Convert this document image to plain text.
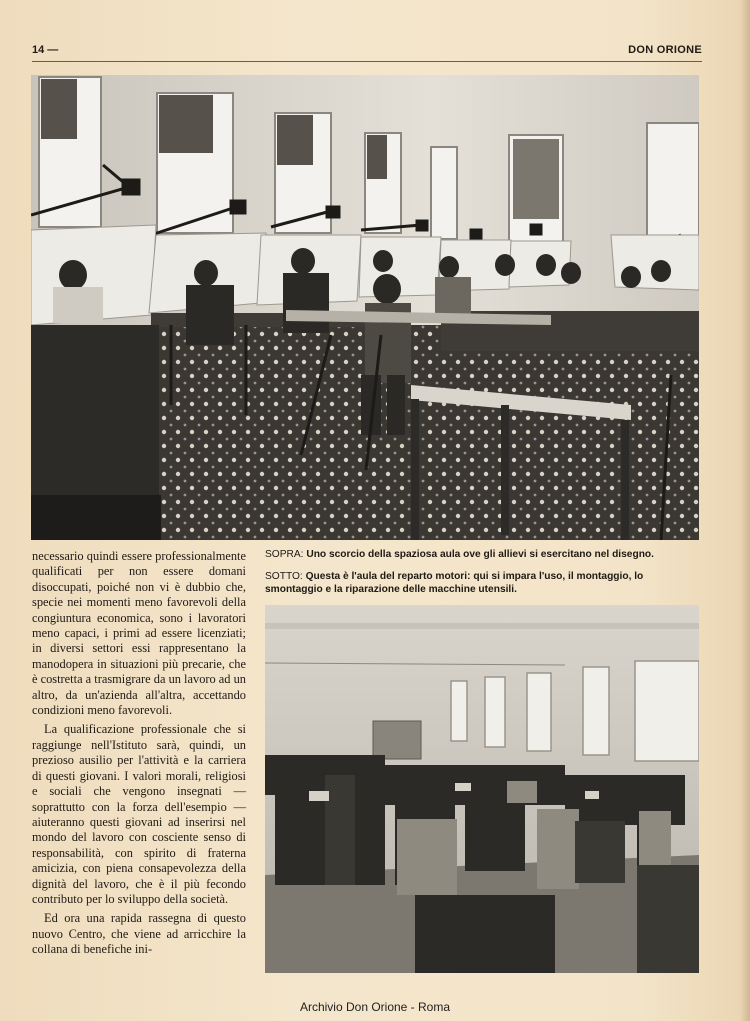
14 —	DON ORIONE

necessario quindi essere professionalmente qualificati per non essere domani disoccupati, poiché non vi è dubbio che, specie nei momenti meno favorevoli della congiuntura economica, sono i lavoratori meno capaci, i primi ad essere licenziati; in diversi settori essi rappresentano la manodopera in situazioni più precarie, che è costretta a trasmigrare da un lavoro ad un altro, da un'azienda all'altra, accettando condizioni meno favorevoli.

La qualificazione professionale che si raggiunge nell'Istituto sarà, quindi, un prezioso ausilio per l'attività e la carriera di questi giovani. I valori morali, religiosi e sociali che vengono insegnati — soprattutto con la forza dell'esempio — aiuteranno questi giovani ad inserirsi nel mondo del lavoro con cosciente senso di responsabilità, con spirito di fraterna amicizia, con piena consapevolezza della dignità del lavoro, che è il più fecondo contributo per lo sviluppo della società.

Ed ora una rapida rassegna di questo nuovo Centro, che viene ad arricchire la collana di benefiche ini-

SOPRA: Uno scorcio della spaziosa aula ove gli allievi si esercitano nel disegno.
SOTTO: Questa è l'aula del reparto motori: qui si impara l'uso, il montaggio, lo smontaggio e la riparazione delle macchine utensili.
Archivio Don Orione - Roma
